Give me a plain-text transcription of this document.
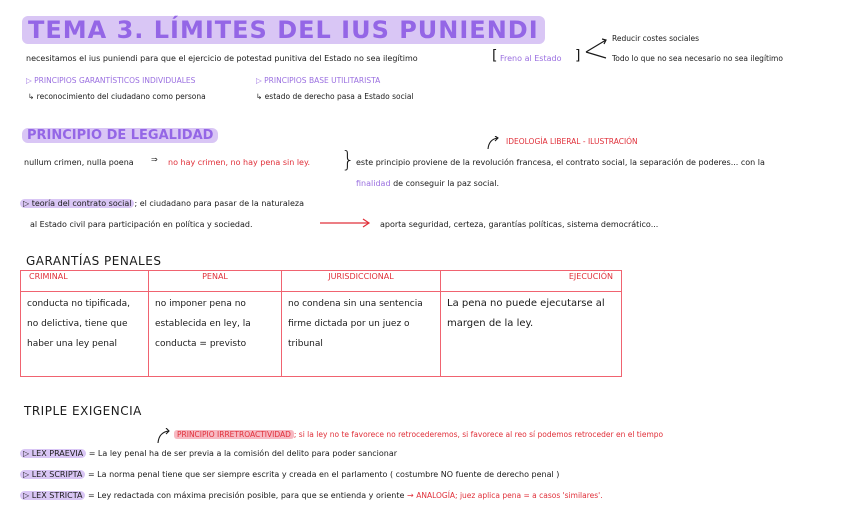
TEMA 3. LÍMITES DEL IUS PUNIENDI
necesitamos el ius puniendi para que el ejercicio de potestad punitiva del Estado no sea ilegítimo	[ Freno al Estado ]
Reducir costes sociales
Todo lo que no sea necesario no sea ilegítimo
▷ PRINCIPIOS GARANTÍSTICOS INDIVIDUALES
↳ reconocimiento del ciudadano como persona
▷ PRINCIPIOS BASE UTILITARISTA
↳ estado de derecho pasa a Estado social
PRINCIPIO DE LEGALIDAD	IDEOLOGÍA LIBERAL - ILUSTRACIÓN
nullum crimen, nulla poena ⇒ no hay crimen, no hay pena sin ley. } este principio proviene de la revolución francesa, el contrato social, la separación de poderes... con la
finalidad de conseguir la paz social.
▷ teoría del contrato social ; el ciudadano para pasar de la naturaleza
al Estado civil para participación en política y sociedad.	aporta seguridad, certeza, garantías políticas, sistema democrático...
GARANTÍAS PENALES
CRIMINAL	PENAL	JURISDICCIONAL	EJECUCIÓN
conducta no tipificada, no delictiva, tiene que haber una ley penal	no imponer pena no establecida en ley, la conducta = previsto	no condena sin una sentencia firme dictada por un juez o tribunal	La pena no puede ejecutarse al margen de la ley.
TRIPLE EXIGENCIA
PRINCIPIO IRRETROACTIVIDAD ; si la ley no te favorece no retrocederemos, si favorece al reo sí podemos retroceder en el tiempo
▷ LEX PRAEVIA = La ley penal ha de ser previa a la comisión del delito para poder sancionar
▷ LEX SCRIPTA = La norma penal tiene que ser siempre escrita y creada en el parlamento ( costumbre NO fuente de derecho penal )
▷ LEX STRICTA = Ley redactada con máxima precisión posible, para que se entienda y oriente → ANALOGÍA; juez aplica pena = a casos 'similares'.
